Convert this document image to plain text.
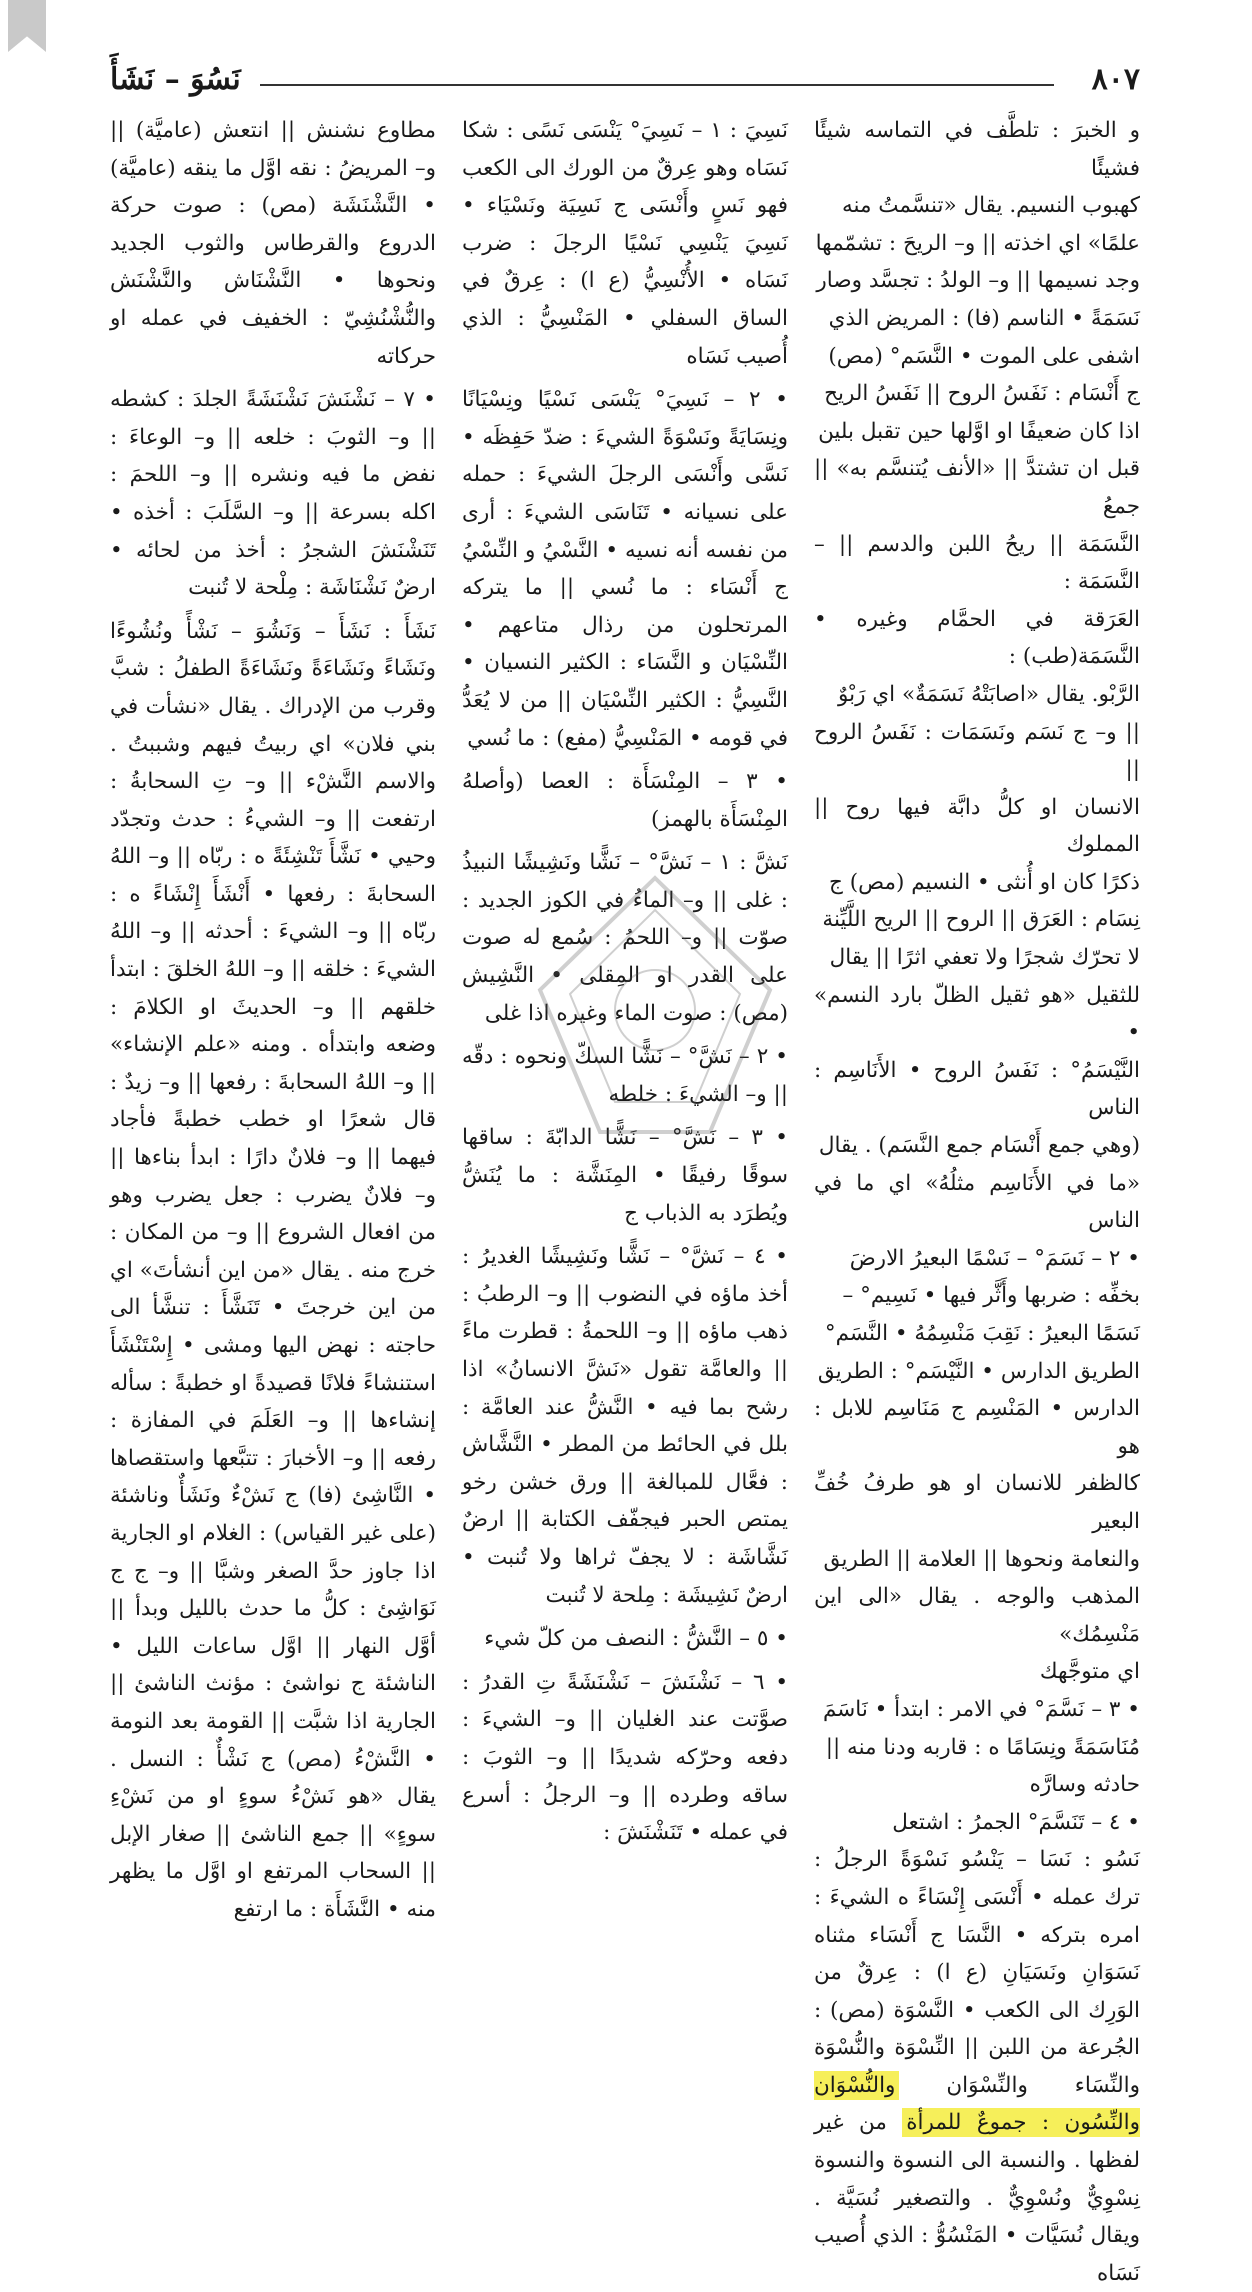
٨٠٧
نَسُوَ – نَشَأَ
و الخبرَ : تلطَّف في التماسه شيئًا فشيئًا
كهبوب النسيم. يقال «تنسَّمتُ منه
علمًا» اي اخذته || و– الريحَ : تشمّمها
وجد نسيمها || و– الولدُ : تجسَّد وصار
نَسَمَةً • الناسم (فا) : المريض الذي
اشفى على الموت • النَّسَم° (مص)
ج أَنْسَام : نَفَسُ الروح || نَفَسُ الريح
اذا كان ضعيفًا او اوَّلها حين تقبل بلين
قبل ان تشتدَّ || «الأنف يُتنسَّم به» || جمعُ
النَّسَمَة || ريحُ اللبن والدسم || – النَّسَمَة :
العَرَقة في الحمَّام وغيره • النَّسَمَة(طب) :
الرَّبْو. يقال «اصابَتْهُ نَسَمَةٌ» اي رَبْوٌ
|| و– ج نَسَم ونَسَمَات : نَفَسُ الروح ||
الانسان او كلُّ دابَّة فيها روح || المملوك
ذكرًا كان او أُنثى • النسيم (مص) ج
نِسَام : العَرَق || الروح || الريح اللَّيِّنة
لا تحرّك شجرًا ولا تعفي اثرًا || يقال
للثقيل «هو ثقيل الظلّ بارد النسم» •
النَّيْسَمُ° : نَفَسُ الروح • الأَنَاسِم : الناس
(وهي جمع أَنْسَام جمع النَّسَم) . يقال
«ما في الأَنَاسِم مثلُهُ» اي ما في الناس
• ٢ – نَسَمَ° – نَسْمًا البعيرُ الارضَ
بخفِّه : ضربها وأَثَّر فيها • نَسِيم° –
نَسَمًا البعيرُ : نَقِبَ مَنْسِمُهُ • النَّسَم°
الطريق الدارس • النَّيْسَم° : الطريق
الدارس • المَنْسِم ج مَنَاسِم للابل : هو
كالظفر للانسان او هو طرفُ خُفِّ البعير
والنعامة ونحوها || العلامة || الطريق
المذهب والوجه . يقال «الى اين مَنْسِمُك»
اي متوجَّهك
• ٣ – نَسَّمَ° في الامر : ابتدأ • نَاسَمَ
مُنَاسَمَةً ونِسَامًا ه : قاربه ودنا منه ||
حادثه وسارَّه
• ٤ – تَنَسَّمَ° الجمرُ : اشتعل

نَسُو : نَسَا – يَنْسُو نَسْوَةً الرجلُ : ترك عمله • أَنْسَى إِنْسَاءً ه الشيءَ : امره بتركه • النَّسَا ج أَنْسَاء مثناه نَسَوَانِ ونَسَيَانِ (ع ا) : عِرقٌ من الوَرِك الى الكعب • النَّسْوَة (مص) : الجُرعة من اللبن || النِّسْوَة والنُّسْوَة والنِّسَاء والنِّسْوَان والنُّسْوَان والنِّسُون : جموعٌ للمرأة من غير لفظها . والنسبة الى النسوة والنسوة نِسْوِيٌّ ونُسْوِيٌّ . والتصغير نُسَيَّة . ويقال نُسَيَّات • المَنْسُوُّ : الذي أُصيب نَسَاه

نَسِيَ : ١ – نَسِيَ° يَنْسَى نَسًى : شكا نَسَاه وهو عِرقٌ من الورك الى الكعب فهو نَسٍ وأَنْسَى ج نَسِيَة ونَسْيَاء • نَسِيَ يَنْسِي نَسْيًا الرجلَ : ضرب نَسَاه • الأُنْسِيُّ (ع ا) : عِرقٌ في الساق السفلي • المَنْسِيُّ : الذي أُصيب نَسَاه

• ٢ – نَسِيَ° يَنْسَى نَسْيًا ونِسْيَانًا ونِسَايَةً ونَسْوَةً الشيءَ : ضدّ حَفِظَه • نَسَّى وأَنْسَى الرجلَ الشيءَ : حمله على نسيانه • تَنَاسَى الشيءَ : أرى من نفسه أنه نسيه • النَّسْيُ و النِّسْيُ ج أَنْسَاء : ما نُسي || ما يتركه المرتحلون من رذال متاعهم • النِّسْيَان و النَّسَاء : الكثير النسيان • النَّسِيُّ : الكثير النِّسْيَان || من لا يُعَدُّ في قومه • المَنْسِيُّ (مفع) : ما نُسي

• ٣ – المِنْسَأَة : العصا (وأصلهُ المِنْسَأَة بالهمز)

نَشَّ : ١ – نَشَّ° – نَشًّا ونَشِيشًا النبيذُ : غلى || و– الماءُ في الكوز الجديد : صوّت || و– اللحمُ : سُمع له صوت على القدر او المِقلى • النَّشِيش (مص) : صوت الماء وغيره اذا غلى

• ٢ – نَشَّ° – نَشًّا السكّ ونحوه : دقّه || و– الشيءَ : خلطه

• ٣ – نَشَّ° – نَشًّا الدابّةَ : ساقها سوقًا رفيقًا • المِنَشَّة : ما يُنَشُّ ويُطرَد به الذباب ج

• ٤ – نَشَّ° – نَشًّا ونَشِيشًا الغديرُ : أخذ ماؤه في النضوب || و– الرطبُ : ذهب ماؤه || و– اللحمةُ : قطرت ماءً || والعامَّة تقول «نَشَّ الانسانُ» اذا رشح بما فيه • النَّشُّ عند العامَّة : بلل في الحائط من المطر • النَّشَّاش : فعَّال للمبالغة || ورق خشن رخو يمتص الحبر فيجفّف الكتابة || ارضٌ نَشَّاشَة : لا يجفّ ثراها ولا تُنبت • ارضٌ نَشِيشَة : مِلحة لا تُنبت

• ٥ – النَّشُّ : النصف من كلّ شيء

• ٦ – نَشْنَشَ – نَشْنَشَةً تِ القدرُ : صوَّتت عند الغليان || و– الشيءَ : دفعه وحرّكه شديدًا || و– الثوبَ : ساقه وطرده || و– الرجلُ : أسرع في عمله • تَنَشْنَشَ :

مطاوع نشنش || انتعش (عاميَّة) || و– المريضُ : نقه اوَّل ما ينقه (عاميَّة) • النَّشْنَشَة (مص) : صوت حركة الدروع والقرطاس والثوب الجديد ونحوها • النَّشْنَاش والنَّشْنَش والنُّشْنُشِيّ : الخفيف في عمله او حركاته

• ٧ – نَشْنَشَ نَشْنَشَةً الجلدَ : كشطه || و– الثوبَ : خلعه || و– الوعاءَ : نفض ما فيه ونشره || و– اللحمَ : اكله بسرعة || و– السَّلَبَ : أخذه • تَنَشْنَشَ الشجرُ : أخذ من لحائه • ارضٌ نَشْنَاشَة : مِلْحة لا تُنبت

نَشَأَ : نَشَأَ – وَنَشُوَ – نَشْأً ونُشُوءًا ونَشَاءً ونَشَاءَةً ونَشَاءَةً الطفلُ : شبَّ وقرب من الإدراك . يقال «نشأت في بني فلان» اي ربيتُ فيهم وشببتُ . والاسم النَّشْء || و– تِ السحابةُ : ارتفعت || و– الشيءُ : حدث وتجدّد وحيي • نَشَّأَ تَنْشِئَةً ه : ربّاه || و– اللهُ السحابةَ : رفعها • أَنْشَأَ إِنْشَاءً ه : ربّاه || و– الشيءَ : أحدثه || و– اللهُ الشيءَ : خلقه || و– اللهُ الخلقَ : ابتدأ خلقهم || و– الحديثَ او الكلامَ : وضعه وابتدأه . ومنه «علم الإنشاء» || و– اللهُ السحابةَ : رفعها || و– زيدٌ : قال شعرًا او خطب خطبةً فأجاد فيهما || و– فلانٌ دارًا : ابدأ بناءها || و– فلانٌ يضرب : جعل يضرب وهو من افعال الشروع || و– من المكان : خرج منه . يقال «من اين أنشأتَ» اي من اين خرجتَ • تَنَشَّأَ : تنشَّأ الى حاجته : نهض اليها ومشى • إِسْتَنْشَأَ استنشاءً فلانًا قصيدةً او خطبةً : سأله إنشاءها || و– العَلَمَ في المفازة : رفعه || و– الأخبارَ : تتبَّعها واستقصاها • النَّاشِئ (فا) ج نَشْءٌ ونَشَأٌ وناشئة (على غير القياس) : الغلام او الجارية اذا جاوز حدَّ الصغر وشبَّا || و– ج ج نَوَاشِئ : كلُّ ما حدث بالليل وبدأ || أوَّل النهار || اوَّل ساعات الليل • الناشئة ج نواشئ : مؤنث الناشئ || الجارية اذا شبَّت || القومة بعد النومة • النَّشْءُ (مص) ج نَشْأٌ : النسل . يقال «هو نَشْءُ سوءٍ او من نَشْءِ سوءٍ» || جمع الناشئ || صغار الإبل || السحاب المرتفع او اوَّل ما يظهر منه • النَّشَأَة : ما ارتفع
